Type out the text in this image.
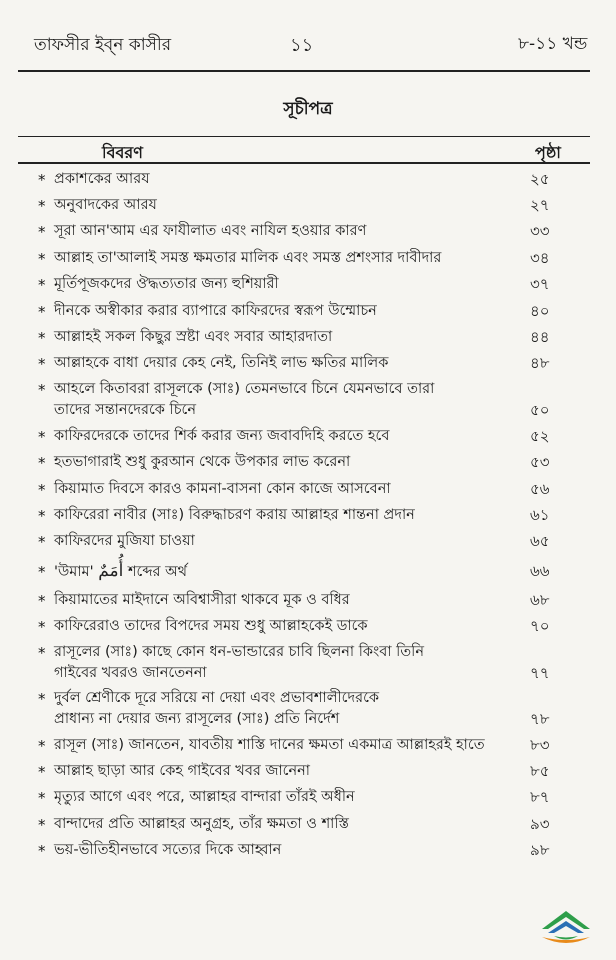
তাফসীর ইব্‌ন কাসীর	১১	৮-১১ খন্ড
সূচীপত্র
বিবরণ	পৃষ্ঠা
* প্রকাশকের আরয	২৫
* অনুবাদকের আরয	২৭
* সূরা আন'আম এর ফাযীলাত এবং নাযিল হওয়ার কারণ	৩৩
* আল্লাহ তা'আলাই সমস্ত ক্ষমতার মালিক এবং সমস্ত প্রশংসার দাবীদার	৩৪
* মূর্তিপূজকদের ঔদ্ধত্যতার জন্য হুশিয়ারী	৩৭
* দীনকে অস্বীকার করার ব্যাপারে কাফিরদের স্বরূপ উম্মোচন	৪০
* আল্লাহই সকল কিছুর স্রষ্টা এবং সবার আহারদাতা	৪৪
* আল্লাহকে বাধা দেয়ার কেহ নেই, তিনিই লাভ ক্ষতির মালিক	৪৮
* আহলে কিতাবরা রাসূলকে (সাঃ) তেমনভাবে চিনে যেমনভাবে তারা
তাদের সন্তানদেরকে চিনে	৫০
* কাফিরদেরকে তাদের শির্ক করার জন্য জবাবদিহি করতে হবে	৫২
* হতভাগারাই শুধু কুরআন থেকে উপকার লাভ করেনা	৫৩
* কিয়ামাত দিবসে কারও কামনা-বাসনা কোন কাজে আসবেনা	৫৬
* কাফিরেরা নাবীর (সাঃ) বিরুদ্ধাচরণ করায় আল্লাহর শান্তনা প্রদান	৬১
* কাফিরদের মুজিযা চাওয়া	৬৫
* 'উমাম' أُمَمٌ শব্দের অর্থ	৬৬
* কিয়ামাতের মাইদানে অবিশ্বাসীরা থাকবে মূক ও বধির	৬৮
* কাফিরেরাও তাদের বিপদের সময় শুধু আল্লাহকেই ডাকে	৭০
* রাসূলের (সাঃ) কাছে কোন ধন-ভান্ডারের চাবি ছিলনা কিংবা তিনি
গাইবের খবরও জানতেননা	৭৭
* দুর্বল শ্রেণীকে দূরে সরিয়ে না দেয়া এবং প্রভাবশালীদেরকে
প্রাধান্য না দেয়ার জন্য রাসূলের (সাঃ) প্রতি নির্দেশ	৭৮
* রাসূল (সাঃ) জানতেন, যাবতীয় শাস্তি দানের ক্ষমতা একমাত্র আল্লাহরই হাতে	৮৩
* আল্লাহ ছাড়া আর কেহ গাইবের খবর জানেনা	৮৫
* মৃত্যুর আগে এবং পরে, আল্লাহর বান্দারা তাঁরই অধীন	৮৭
* বান্দাদের প্রতি আল্লাহর অনুগ্রহ, তাঁর ক্ষমতা ও শাস্তি	৯৩
* ভয়-ভীতিহীনভাবে সত্যের দিকে আহ্বান	৯৮
